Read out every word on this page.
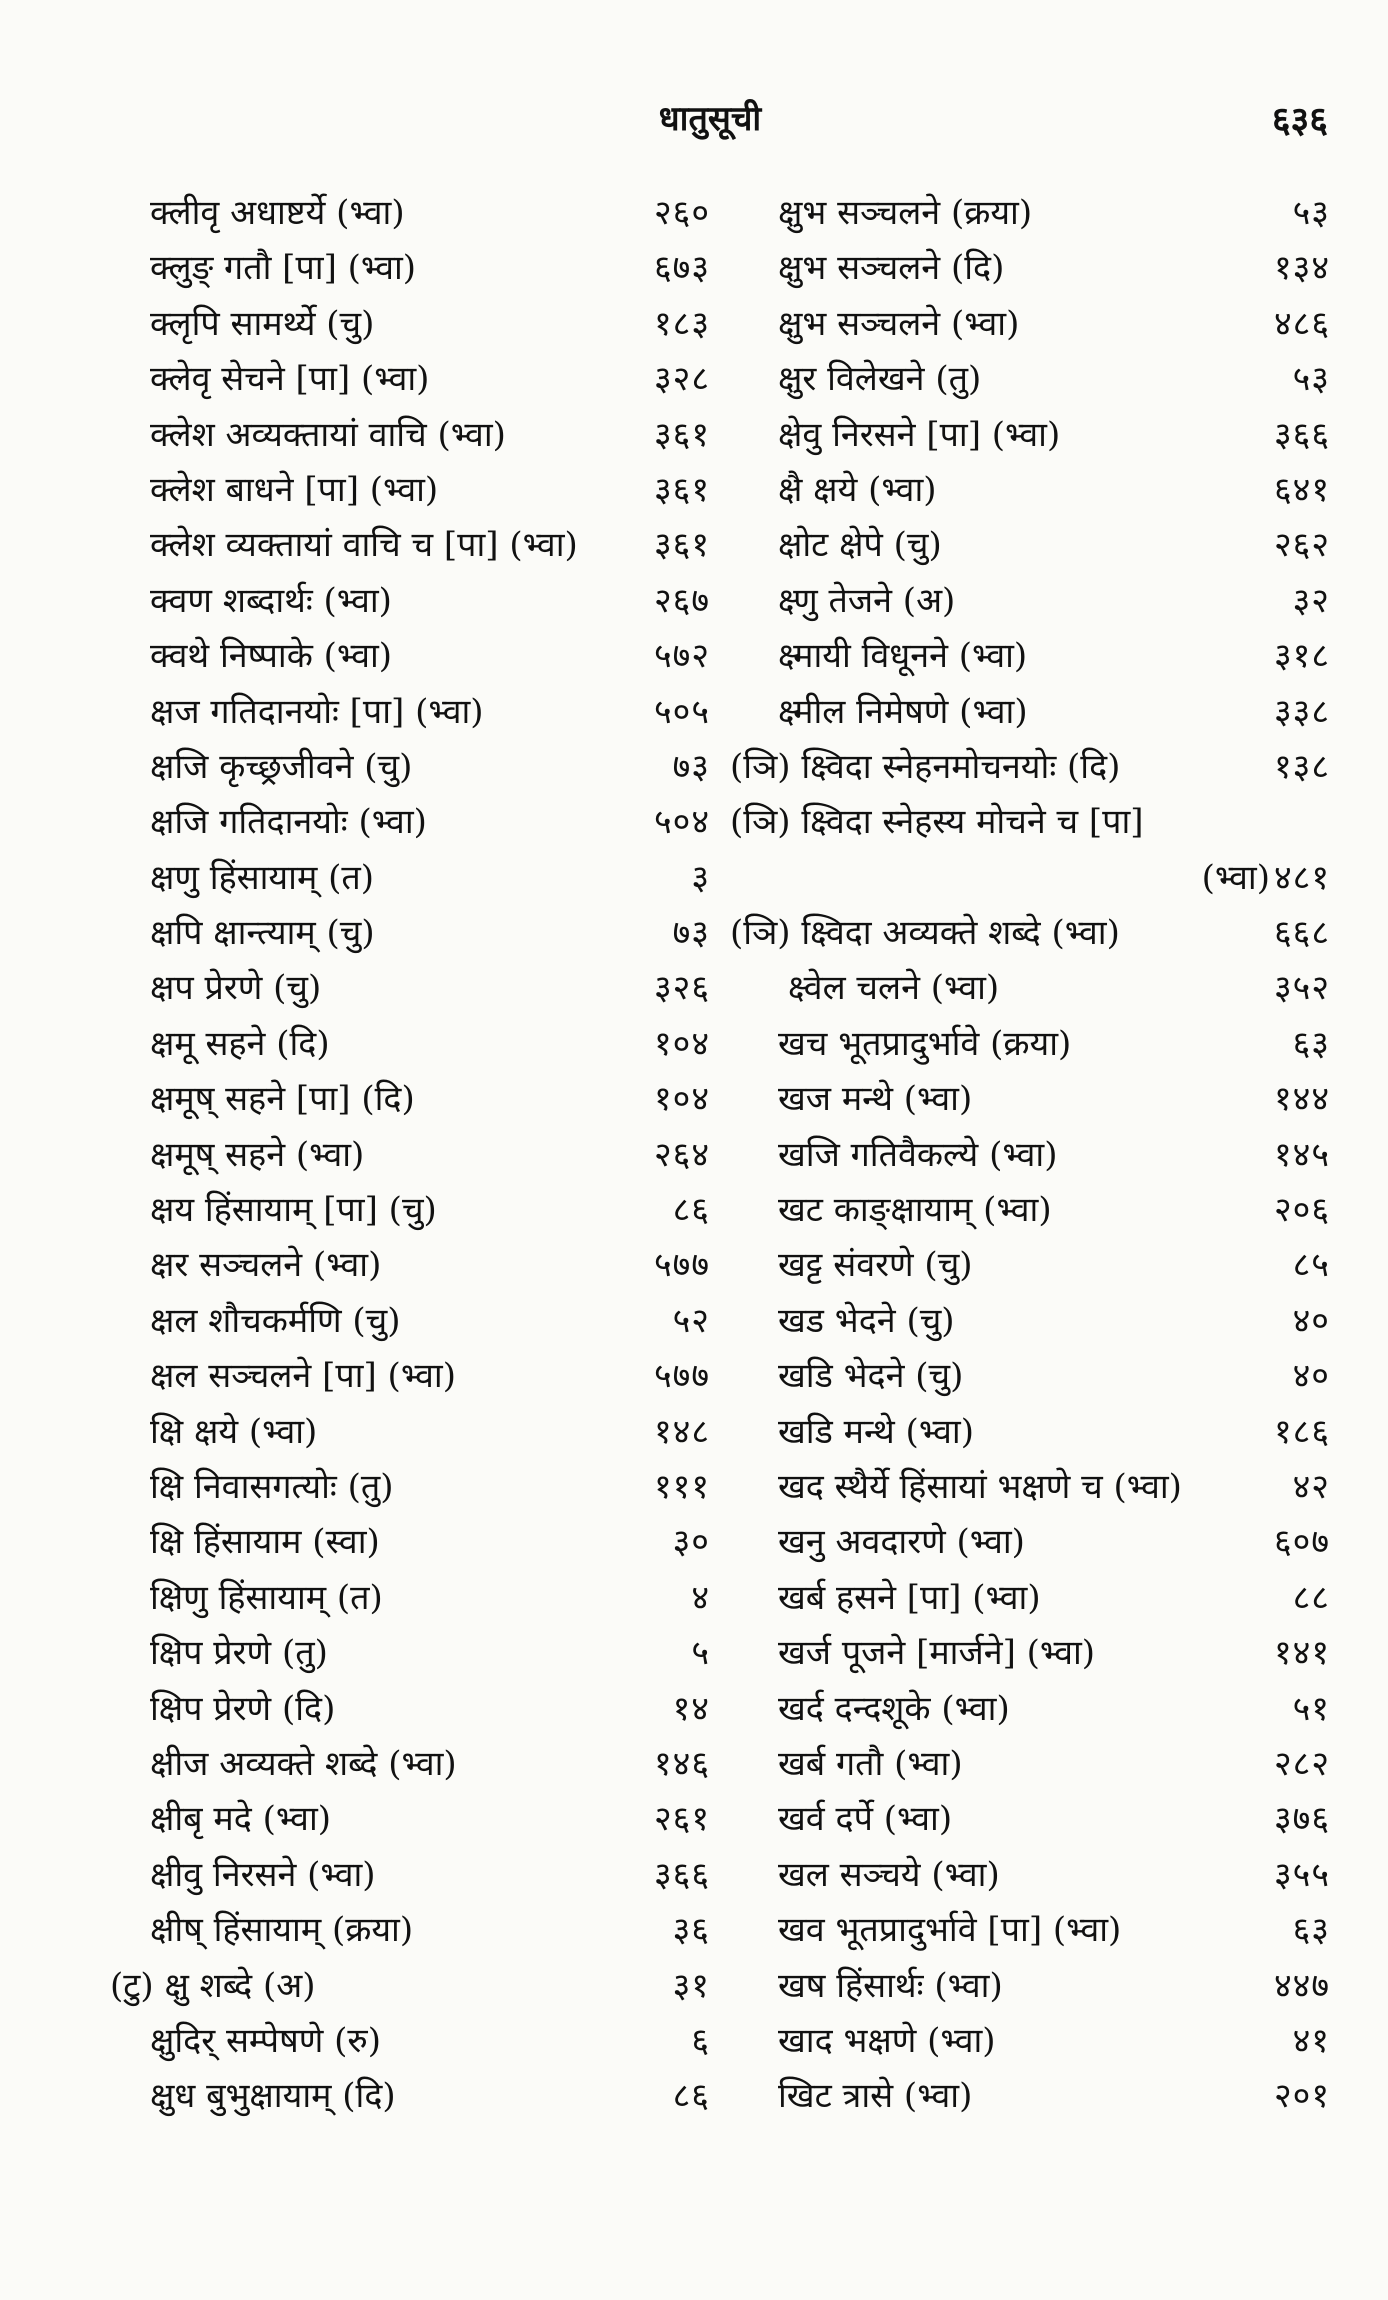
धातुसूची	६३६
क्लीवृ अधाष्टर्ये (भ्वा)	२६०
क्लुङ् गतौ [पा] (भ्वा)	६७३
क्लृपि सामर्थ्ये (चु)	१८३
क्लेवृ सेचने [पा] (भ्वा)	३२८
क्लेश अव्यक्तायां वाचि (भ्वा)	३६१
क्लेश बाधने [पा] (भ्वा)	३६१
क्लेश व्यक्तायां वाचि च [पा] (भ्वा) ३६१
क्वण शब्दार्थः (भ्वा)	२६७
क्वथे निष्पाके (भ्वा)	५७२
क्षज गतिदानयोः [पा] (भ्वा)	५०५
क्षजि कृच्छ्रजीवने (चु)	७३
क्षजि गतिदानयोः (भ्वा)	५०४
क्षणु हिंसायाम् (त)	३
क्षपि क्षान्त्याम् (चु)	७३
क्षप प्रेरणे (चु)	३२६
क्षमू सहने (दि)	१०४
क्षमूष् सहने [पा] (दि)	१०४
क्षमूष् सहने (भ्वा)	२६४
क्षय हिंसायाम् [पा] (चु)	८६
क्षर सञ्चलने (भ्वा)	५७७
क्षल शौचकर्मणि (चु)	५२
क्षल सञ्चलने [पा] (भ्वा)	५७७
क्षि क्षये (भ्वा)	१४८
क्षि निवासगत्योः (तु)	१११
क्षि हिंसायाम (स्वा)	३०
क्षिणु हिंसायाम् (त)	४
क्षिप प्रेरणे (तु)	५
क्षिप प्रेरणे (दि)	१४
क्षीज अव्यक्ते शब्दे (भ्वा)	१४६
क्षीबृ मदे (भ्वा)	२६१
क्षीवु निरसने (भ्वा)	३६६
क्षीष् हिंसायाम् (क्रया)	३६
(टु) क्षु शब्दे (अ)	३१
क्षुदिर् सम्पेषणे (रु)	६
क्षुध बुभुक्षायाम् (दि)	८६
क्षुभ सञ्चलने (क्रया)	५३
क्षुभ सञ्चलने (दि)	१३४
क्षुभ सञ्चलने (भ्वा)	४८६
क्षुर विलेखने (तु)	५३
क्षेवु निरसने [पा] (भ्वा)	३६६
क्षै क्षये (भ्वा)	६४१
क्षोट क्षेपे (चु)	२६२
क्ष्णु तेजने (अ)	३२
क्ष्मायी विधूनने (भ्वा)	३१८
क्ष्मील निमेषणे (भ्वा)	३३८
(ञि) क्ष्विदा स्नेहनमोचनयोः (दि)	१३८
(ञि) क्ष्विदा स्नेहस्य मोचने च [पा]
(भ्वा) ४८१
(ञि) क्ष्विदा अव्यक्ते शब्दे (भ्वा)	६६८
क्ष्वेल चलने (भ्वा)	३५२
खच भूतप्रादुर्भावे (क्रया)	६३
खज मन्थे (भ्वा)	१४४
खजि गतिवैकल्ये (भ्वा)	१४५
खट काङ्क्षायाम् (भ्वा)	२०६
खट्ट संवरणे (चु)	८५
खड भेदने (चु)	४०
खडि भेदने (चु)	४०
खडि मन्थे (भ्वा)	१८६
खद स्थैर्ये हिंसायां भक्षणे च (भ्वा)	४२
खनु अवदारणे (भ्वा)	६०७
खर्ब हसने [पा] (भ्वा)	८८
खर्ज पूजने [मार्जने] (भ्वा)	१४१
खर्द दन्दशूके (भ्वा)	५१
खर्ब गतौ (भ्वा)	२८२
खर्व दर्पे (भ्वा)	३७६
खल सञ्चये (भ्वा)	३५५
खव भूतप्रादुर्भावे [पा] (भ्वा)	६३
खष हिंसार्थः (भ्वा)	४४७
खाद भक्षणे (भ्वा)	४१
खिट त्रासे (भ्वा)	२०१
